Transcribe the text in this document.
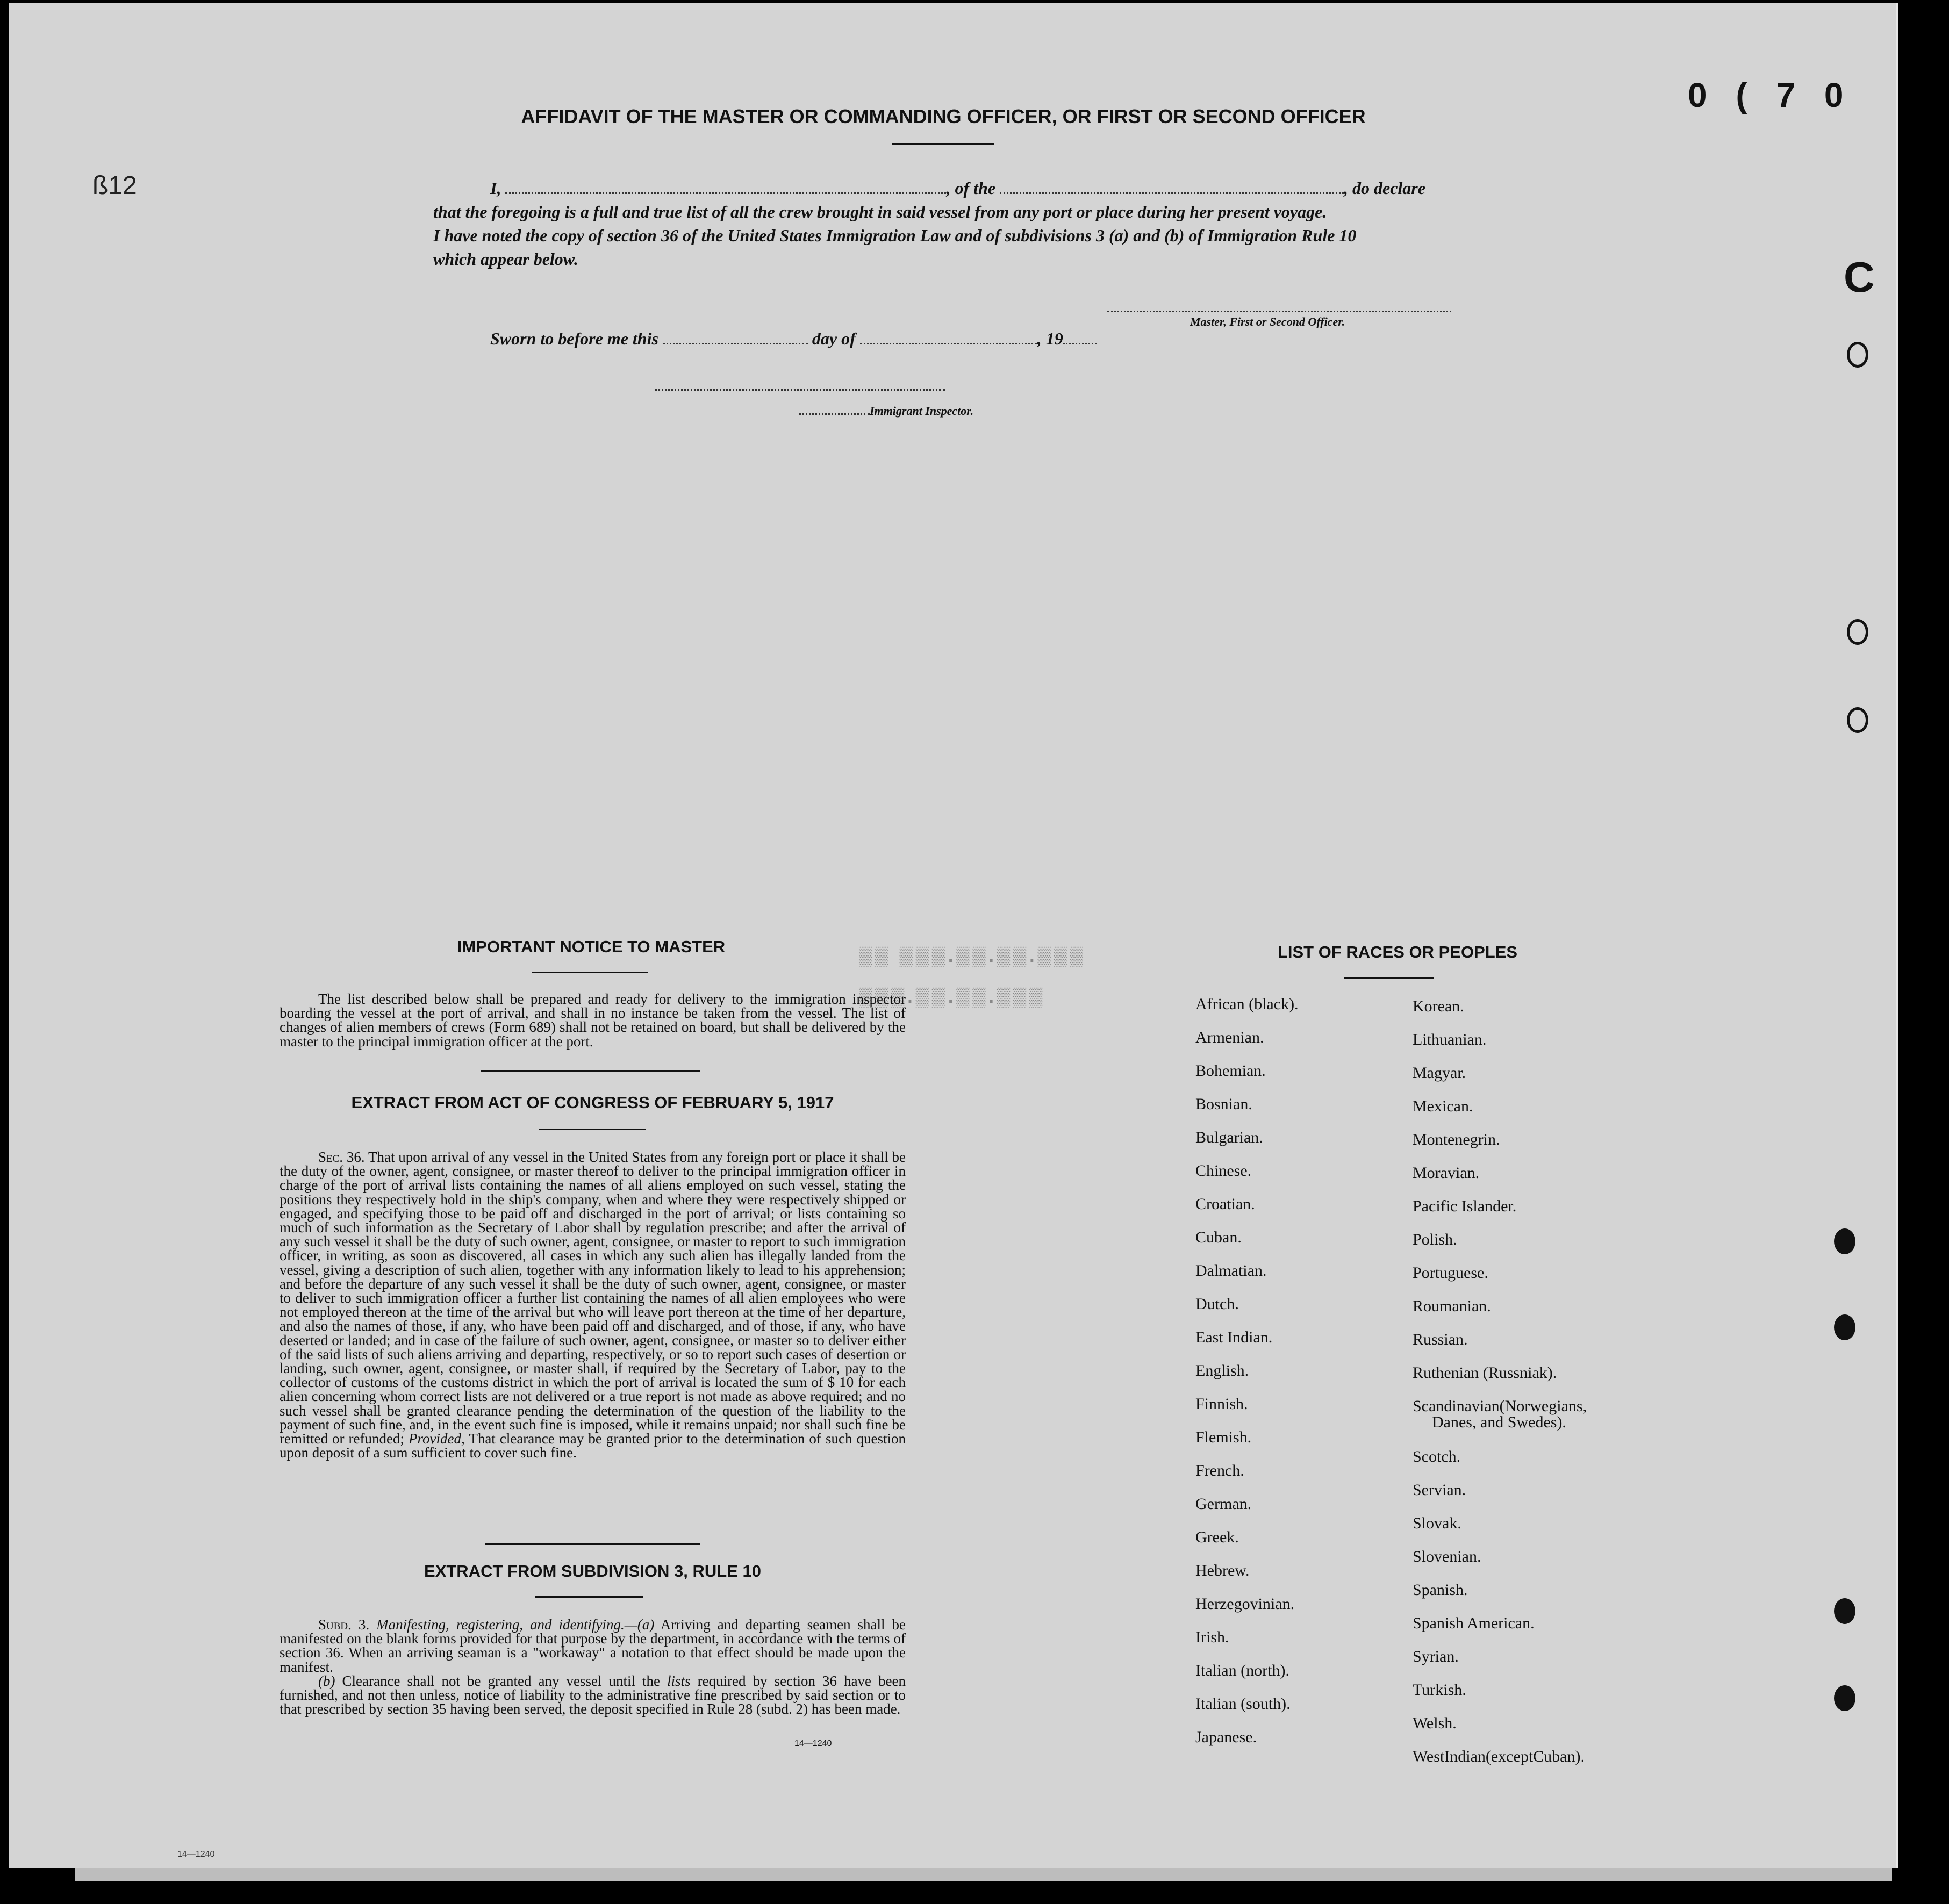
0 ( 7 0
ß12
C
AFFIDAVIT OF THE MASTER OR COMMANDING OFFICER, OR FIRST OR SECOND OFFICER
I,	, of the	, do declare
that the foregoing is a full and true list of all the crew brought in said vessel from any port or place during her present voyage.
I have noted the copy of section 36 of the United States Immigration Law and of subdivisions 3 (a) and (b) of Immigration Rule 10
which appear below.
Master, First or Second Officer.
Sworn to before me this	day of	, 19
Immigrant Inspector.
▒▒ ▒▒▒.▒▒.▒▒.▒▒▒
▒▒▒.▒▒.▒▒.▒▒▒
IMPORTANT NOTICE TO MASTER

The list described below shall be prepared and ready for delivery to the immigration inspector boarding the vessel at the port of arrival, and shall in no instance be taken from the vessel. The list of changes of alien members of crews (Form 689) shall not be retained on board, but shall be delivered by the master to the principal immigration officer at the port.

EXTRACT FROM ACT OF CONGRESS OF FEBRUARY 5, 1917

Sec. 36. That upon arrival of any vessel in the United States from any foreign port or place it shall be the duty of the owner, agent, consignee, or master thereof to deliver to the principal immigration officer in charge of the port of arrival lists containing the names of all aliens employed on such vessel, stating the positions they respectively hold in the ship's company, when and where they were respectively shipped or engaged, and specifying those to be paid off and discharged in the port of arrival; or lists containing so much of such information as the Secretary of Labor shall by regulation prescribe; and after the arrival of any such vessel it shall be the duty of such owner, agent, consignee, or master to report to such immigration officer, in writing, as soon as discovered, all cases in which any such alien has illegally landed from the vessel, giving a description of such alien, together with any information likely to lead to his apprehension; and before the departure of any such vessel it shall be the duty of such owner, agent, consignee, or master to deliver to such immigration officer a further list containing the names of all alien employees who were not employed thereon at the time of the arrival but who will leave port thereon at the time of her departure, and also the names of those, if any, who have been paid off and discharged, and of those, if any, who have deserted or landed; and in case of the failure of such owner, agent, consignee, or master so to deliver either of the said lists of such aliens arriving and departing, respectively, or so to report such cases of desertion or landing, such owner, agent, consignee, or master shall, if required by the Secretary of Labor, pay to the collector of customs of the customs district in which the port of arrival is located the sum of $ 10 for each alien concerning whom correct lists are not delivered or a true report is not made as above required; and no such vessel shall be granted clearance pending the determination of the question of the liability to the payment of such fine, and, in the event such fine is imposed, while it remains unpaid; nor shall such fine be remitted or refunded; Provided, That clearance may be granted prior to the determination of such question upon deposit of a sum sufficient to cover such fine.

EXTRACT FROM SUBDIVISION 3, RULE 10

Subd. 3. Manifesting, registering, and identifying.—(a) Arriving and departing seamen shall be manifested on the blank forms provided for that purpose by the department, in accordance with the terms of section 36. When an arriving seaman is a "workaway" a notation to that effect should be made upon the manifest.

(b) Clearance shall not be granted any vessel until the lists required by section 36 have been furnished, and not then unless, notice of liability to the administrative fine prescribed by said section or to that prescribed by section 35 having been served, the deposit specified in Rule 28 (subd. 2) has been made.

14—1240
14—1240
LIST OF RACES OR PEOPLES
African (black).
Armenian.
Bohemian.
Bosnian.
Bulgarian.
Chinese.
Croatian.
Cuban.
Dalmatian.
Dutch.
East Indian.
English.
Finnish.
Flemish.
French.
German.
Greek.
Hebrew.
Herzegovinian.
Irish.
Italian (north).
Italian (south).
Japanese.
Korean.
Lithuanian.
Magyar.
Mexican.
Montenegrin.
Moravian.
Pacific Islander.
Polish.
Portuguese.
Roumanian.
Russian.
Ruthenian (Russniak).
Scandinavian(Norwegians,
Danes, and Swedes).
Scotch.
Servian.
Slovak.
Slovenian.
Spanish.
Spanish American.
Syrian.
Turkish.
Welsh.
WestIndian(exceptCuban).
